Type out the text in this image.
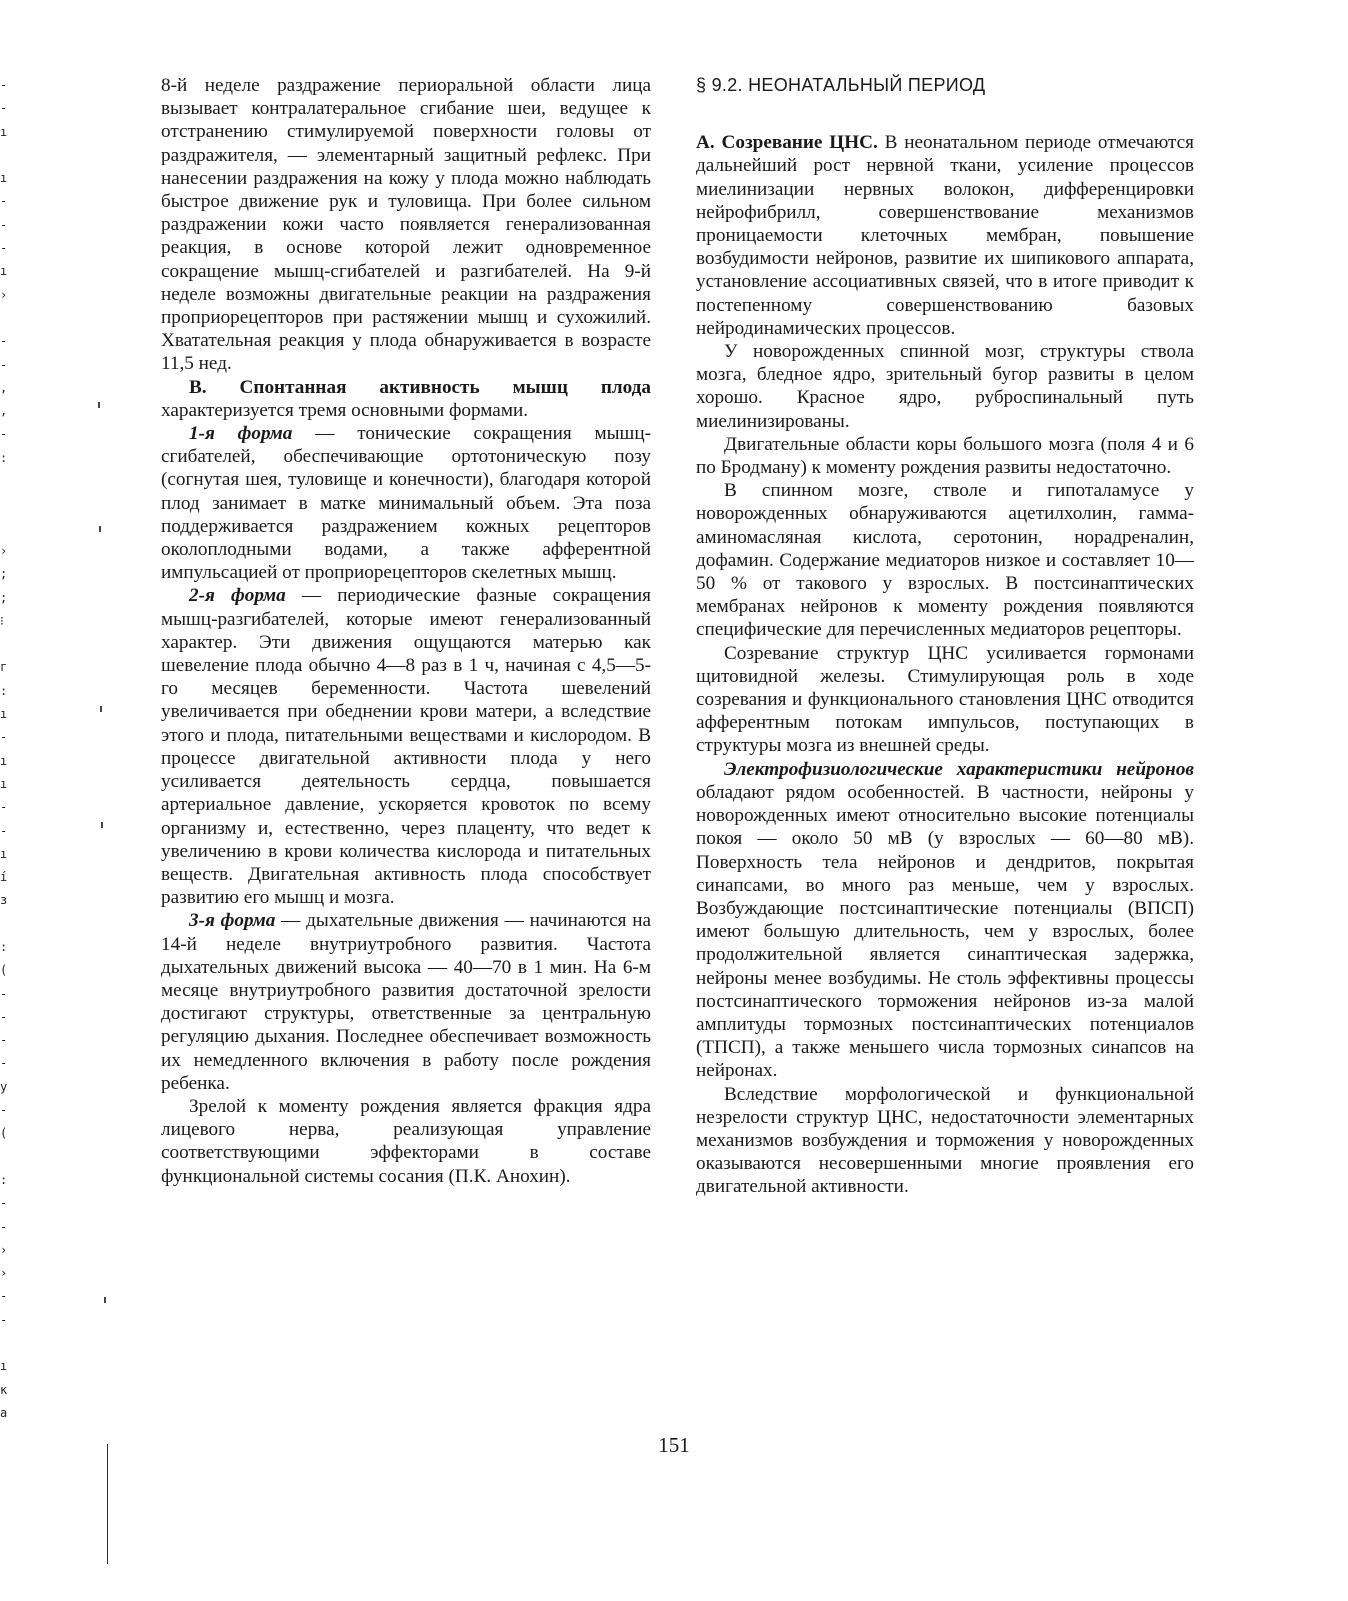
-
-
ı

ı
-
-
-
ı
›

-
-
,
,
-
:

›
;
;
⁝

г
:
ı
-
ı
ı
-
-
ı
í
з

:
(
-
-
-
-
y
-
(

:
-
-
›
›
-
-

ı
κ
a

8-й неделе раздражение периоральной области лица вызывает контралатеральное сгибание шеи, ведущее к отстранению стимулируемой поверхности головы от раздражителя, — элементарный защитный рефлекс. При нанесении раздражения на кожу у плода можно наблюдать быстрое движение рук и туловища. При более сильном раздражении кожи часто появляется генерализованная реакция, в основе которой лежит одновременное сокращение мышц-сгибателей и разгибателей. На 9-й неделе возможны двигательные реакции на раздражения проприорецепторов при растяжении мышц и сухожилий. Хватательная реакция у плода обнаруживается в возрасте 11,5 нед.

В. Спонтанная активность мышц плода характеризуется тремя основными формами.

1-я форма — тонические сокращения мышц-сгибателей, обеспечивающие ортотоническую позу (согнутая шея, туловище и конечности), благодаря которой плод занимает в матке минимальный объем. Эта поза поддерживается раздражением кожных рецепторов околоплодными водами, а также афферентной импульсацией от проприорецепторов скелетных мышц.

2-я форма — периодические фазные сокращения мышц-разгибателей, которые имеют генерализованный характер. Эти движения ощущаются матерью как шевеление плода обычно 4—8 раз в 1 ч, начиная с 4,5—5-го месяцев беременности. Частота шевелений увеличивается при обеднении крови матери, а вследствие этого и плода, питательными веществами и кислородом. В процессе двигательной активности плода у него усиливается деятельность сердца, повышается артериальное давление, ускоряется кровоток по всему организму и, естественно, через плаценту, что ведет к увеличению в крови количества кислорода и питательных веществ. Двигательная активность плода способствует развитию его мышц и мозга.

3-я форма — дыхательные движения — начинаются на 14-й неделе внутриутробного развития. Частота дыхательных движений высока — 40—70 в 1 мин. На 6-м месяце внутриутробного развития достаточной зрелости достигают структуры, ответственные за центральную регуляцию дыхания. Последнее обеспечивает возможность их немедленного включения в работу после рождения ребенка.

Зрелой к моменту рождения является фракция ядра лицевого нерва, реализующая управление соответствующими эффекторами в составе функциональной системы сосания (П.К. Анохин).

§ 9.2. НЕОНАТАЛЬНЫЙ ПЕРИОД

А. Созревание ЦНС. В неонатальном периоде отмечаются дальнейший рост нервной ткани, усиление процессов миелинизации нервных волокон, дифференцировки нейрофибрилл, совершенствование механизмов проницаемости клеточных мембран, повышение возбудимости нейронов, развитие их шипикового аппарата, установление ассоциативных связей, что в итоге приводит к постепенному совершенствованию базовых нейродинамических процессов.

У новорожденных спинной мозг, структуры ствола мозга, бледное ядро, зрительный бугор развиты в целом хорошо. Красное ядро, руброспинальный путь миелинизированы.

Двигательные области коры большого мозга (поля 4 и 6 по Бродману) к моменту рождения развиты недостаточно.

В спинном мозге, стволе и гипоталамусе у новорожденных обнаруживаются ацетилхолин, гамма-аминомасляная кислота, серотонин, норадреналин, дофамин. Содержание медиаторов низкое и составляет 10—50 % от такового у взрослых. В постсинаптических мембранах нейронов к моменту рождения появляются специфические для перечисленных медиаторов рецепторы.

Созревание структур ЦНС усиливается гормонами щитовидной железы. Стимулирующая роль в ходе созревания и функционального становления ЦНС отводится афферентным потокам импульсов, поступающих в структуры мозга из внешней среды.

Электрофизиологические характеристики нейронов обладают рядом особенностей. В частности, нейроны у новорожденных имеют относительно высокие потенциалы покоя — около 50 мВ (у взрослых — 60—80 мВ). Поверхность тела нейронов и дендритов, покрытая синапсами, во много раз меньше, чем у взрослых. Возбуждающие постсинаптические потенциалы (ВПСП) имеют большую длительность, чем у взрослых, более продолжительной является синаптическая задержка, нейроны менее возбудимы. Не столь эффективны процессы постсинаптического торможения нейронов из-за малой амплитуды тормозных постсинаптических потенциалов (ТПСП), а также меньшего числа тормозных синапсов на нейронах.

Вследствие морфологической и функциональной незрелости структур ЦНС, недостаточности элементарных механизмов возбуждения и торможения у новорожденных оказываются несовершенными многие проявления его двигательной активности.

151
